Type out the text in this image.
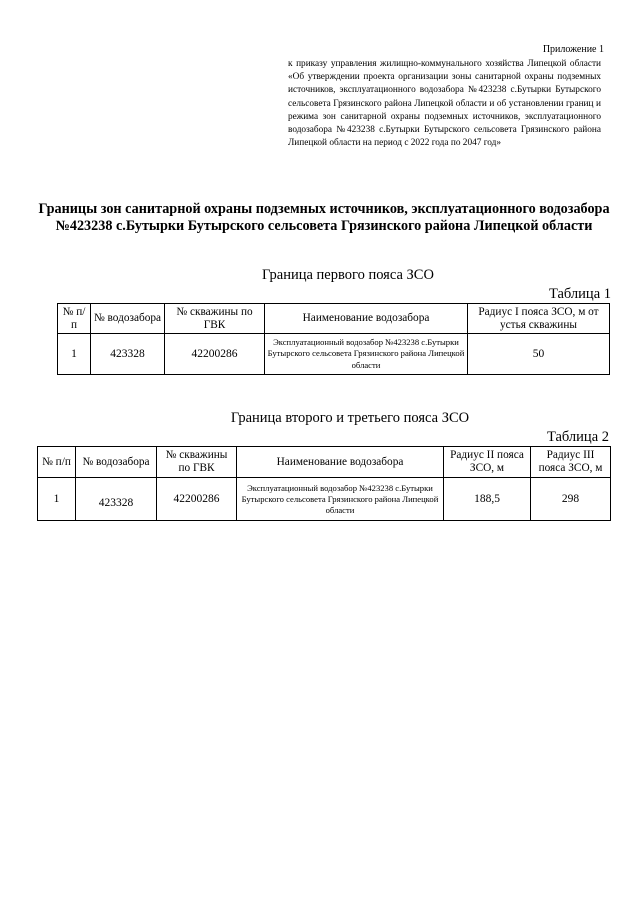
Приложение 1
к приказу управления жилищно-коммунального хозяйства Липецкой области «Об утверждении проекта организации зоны санитарной охраны подземных источников, эксплуатационного водозабора №423238 с.Бутырки Бутырского сельсовета Грязинского района Липецкой области и об установлении границ и режима зон санитарной охраны подземных источников, эксплуатационного водозабора №423238 с.Бутырки Бутырского сельсовета Грязинского района Липецкой области на период с 2022 года по 2047 год»
Границы зон санитарной охраны подземных источников, эксплуатационного водозабора №423238 с.Бутырки Бутырского сельсовета Грязинского района Липецкой области
Граница первого пояса ЗСО
Таблица 1
№ п/п	№ водозабора	№ скважины по ГВК	Наименование водозабора	Радиус I пояса ЗСО, м от устья скважины
1	423328	42200286	Эксплуатационный водозабор №423238 с.Бутырки Бутырского сельсовета Грязинского района Липецкой области	50
Граница второго и третьего пояса ЗСО
Таблица 2
№ п/п	№ водозабора	№ скважины по ГВК	Наименование водозабора	Радиус II пояса ЗСО, м	Радиус III пояса ЗСО, м
1	423328	42200286	Эксплуатационный водозабор №423238 с.Бутырки Бутырского сельсовета Грязинского района Липецкой области	188,5	298
